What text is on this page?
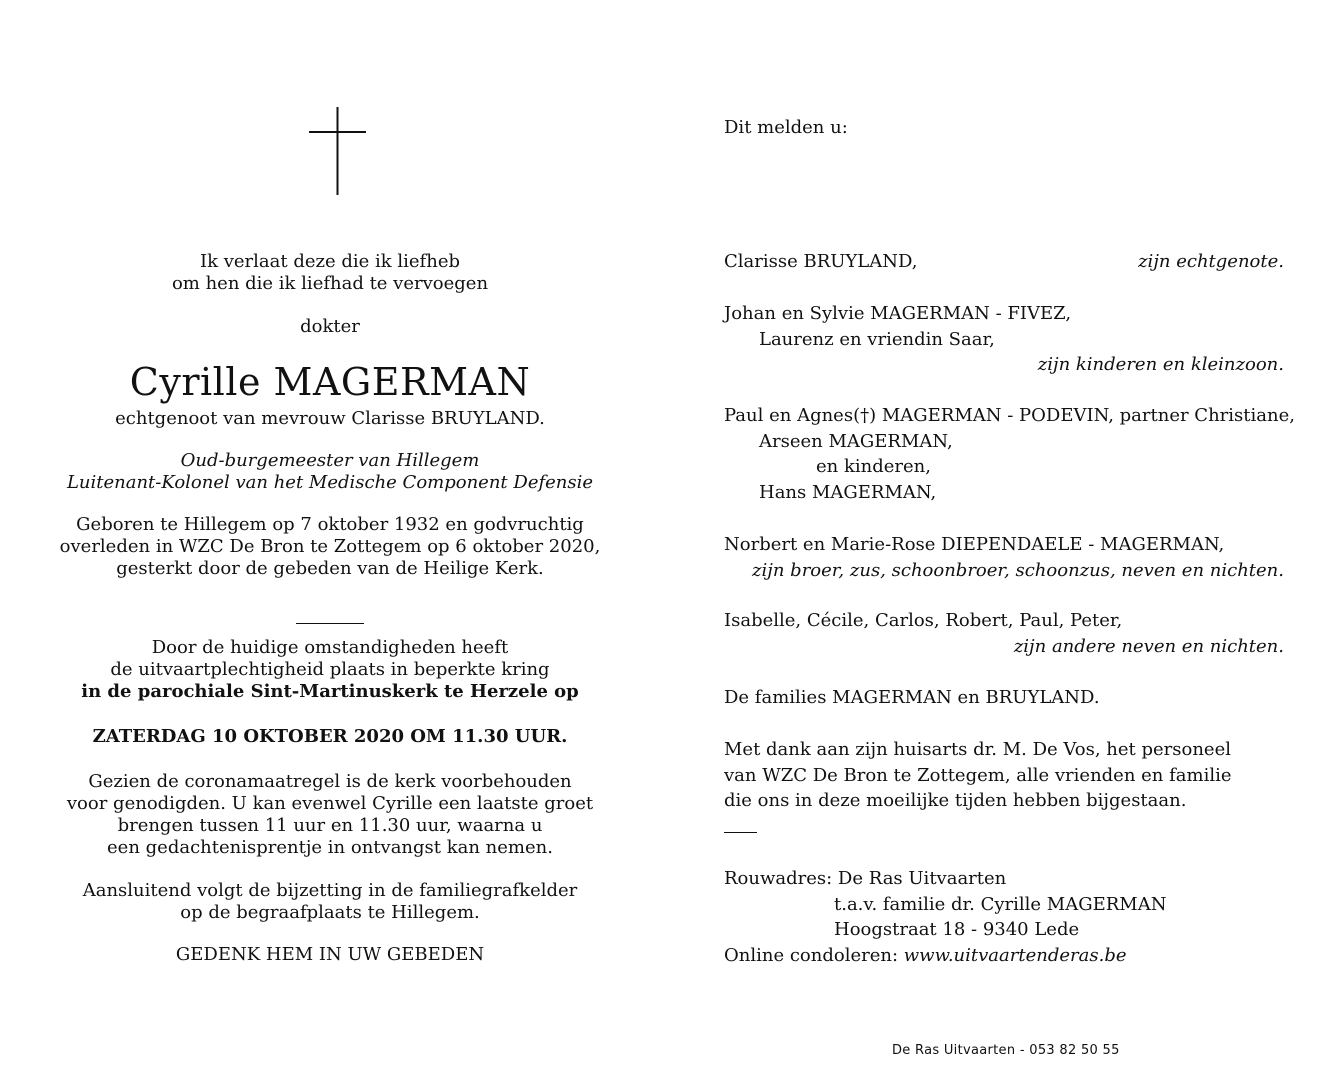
Ik verlaat deze die ik liefheb
om hen die ik liefhad te vervoegen
dokter
Cyrille MAGERMAN
echtgenoot van mevrouw Clarisse BRUYLAND.
Oud-burgemeester van Hillegem
Luitenant-Kolonel van het Medische Component Defensie
Geboren te Hillegem op 7 oktober 1932 en godvruchtig
overleden in WZC De Bron te Zottegem op 6 oktober 2020,
gesterkt door de gebeden van de Heilige Kerk.
Door de huidige omstandigheden heeft
de uitvaartplechtigheid plaats in beperkte kring
in de parochiale Sint-Martinuskerk te Herzele op
ZATERDAG 10 OKTOBER 2020 OM 11.30 UUR.
Gezien de coronamaatregel is de kerk voorbehouden
voor genodigden. U kan evenwel Cyrille een laatste groet
brengen tussen 11 uur en 11.30 uur, waarna u
een gedachtenisprentje in ontvangst kan nemen.
Aansluitend volgt de bijzetting in de familiegrafkelder
op de begraafplaats te Hillegem.
GEDENK HEM IN UW GEBEDEN
Dit melden u:
Clarisse BRUYLAND,	zijn echtgenote.
Johan en Sylvie MAGERMAN - FIVEZ,
Laurenz en vriendin Saar,
zijn kinderen en kleinzoon.
Paul en Agnes(†) MAGERMAN - PODEVIN, partner Christiane,
Arseen MAGERMAN,
en kinderen,
Hans MAGERMAN,
Norbert en Marie-Rose DIEPENDAELE - MAGERMAN,
zijn broer, zus, schoonbroer, schoonzus, neven en nichten.
Isabelle, Cécile, Carlos, Robert, Paul, Peter,
zijn andere neven en nichten.
De families MAGERMAN en BRUYLAND.
Met dank aan zijn huisarts dr. M. De Vos, het personeel
van WZC De Bron te Zottegem, alle vrienden en familie
die ons in deze moeilijke tijden hebben bijgestaan.
Rouwadres: De Ras Uitvaarten
t.a.v. familie dr. Cyrille MAGERMAN
Hoogstraat 18 - 9340 Lede
Online condoleren: www.uitvaartenderas.be
De Ras Uitvaarten - 053 82 50 55
